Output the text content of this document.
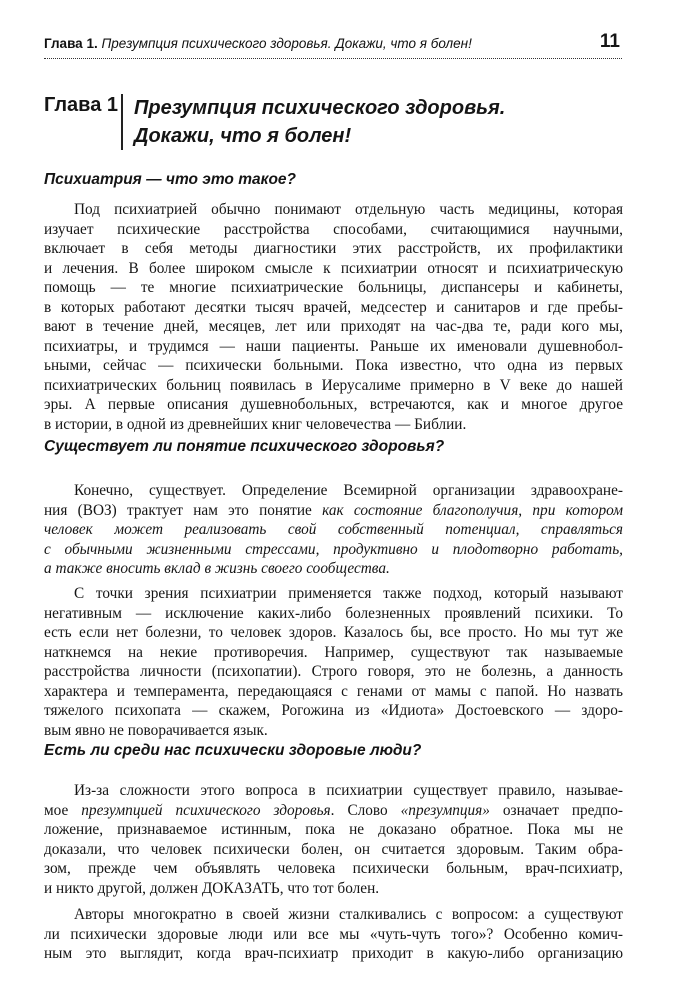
Глава 1. Презумпция психического здоровья. Докажи, что я болен!	11
Глава 1 Презумпция психического здоровья.
Докажи, что я болен!
Психиатрия — что это такое?
Под психиатрией обычно понимают отдельную часть медицины, которая
изучает психические расстройства способами, считающимися научными,
включает в себя методы диагностики этих расстройств, их профилактики
и лечения. В более широком смысле к психиатрии относят и психиатрическую
помощь — те многие психиатрические больницы, диспансеры и кабинеты,
в которых работают десятки тысяч врачей, медсестер и санитаров и где пребы-
вают в течение дней, месяцев, лет или приходят на час-два те, ради кого мы,
психиатры, и трудимся — наши пациенты. Раньше их именовали душевнобол-
ьными, сейчас — психически больными. Пока известно, что одна из первых
психиатрических больниц появилась в Иерусалиме примерно в V веке до нашей
эры. А первые описания душевнобольных, встречаются, как и многое другое
в истории, в одной из древнейших книг человечества — Библии.
Существует ли понятие психического здоровья?
Конечно, существует. Определение Всемирной организации здравоохране-
ния (ВОЗ) трактует нам это понятие как состояние благополучия, при котором
человек может реализовать свой собственный потенциал, справляться
с обычными жизненными стрессами, продуктивно и плодотворно работать,
а также вносить вклад в жизнь своего сообщества.
С точки зрения психиатрии применяется также подход, который называют
негативным — исключение каких-либо болезненных проявлений психики. То
есть если нет болезни, то человек здоров. Казалось бы, все просто. Но мы тут же
наткнемся на некие противоречия. Например, существуют так называемые
расстройства личности (психопатии). Строго говоря, это не болезнь, а данность
характера и темперамента, передающаяся с генами от мамы с папой. Но назвать
тяжелого психопата — скажем, Рогожина из «Идиота» Достоевского — здоро-
вым явно не поворачивается язык.
Есть ли среди нас психически здоровые люди?
Из-за сложности этого вопроса в психиатрии существует правило, называе-
мое презумпцией психического здоровья. Слово «презумпция» означает предпо-
ложение, признаваемое истинным, пока не доказано обратное. Пока мы не
доказали, что человек психически болен, он считается здоровым. Таким обра-
зом, прежде чем объявлять человека психически больным, врач-психиатр,
и никто другой, должен ДОКАЗАТЬ, что тот болен.
Авторы многократно в своей жизни сталкивались с вопросом: а существуют
ли психически здоровые люди или все мы «чуть-чуть того»? Особенно комич-
ным это выглядит, когда врач-психиатр приходит в какую-либо организацию
